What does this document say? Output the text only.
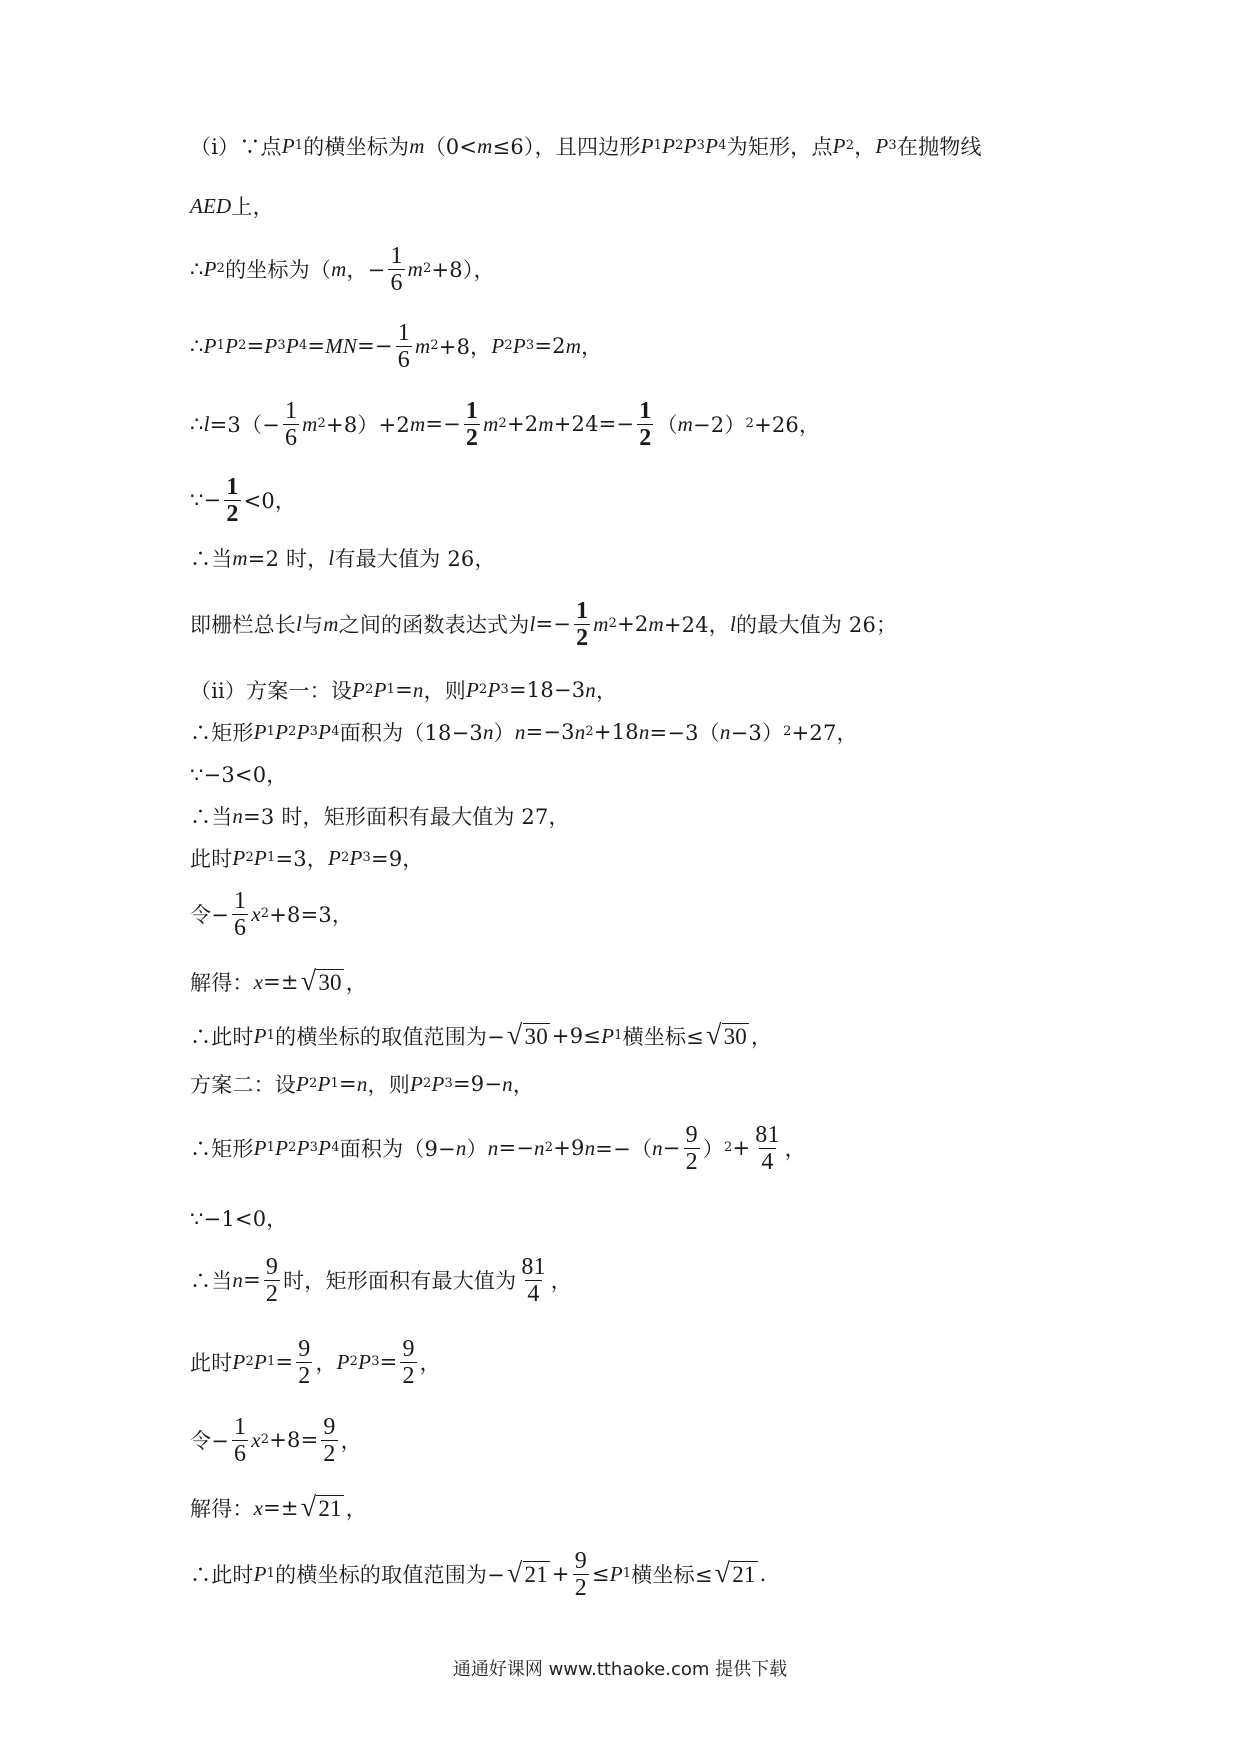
（ⅰ）∵点 P 1 的横坐标为 m （0< m ≤6），且四边形 P 1 P 2 P 3 P 4 为矩形，点 P 2 ， P 3 在抛物线
AED 上，
∴ P 2 的坐标为（ m ，− $\frac{1}{6}$ m 2 +8），
∴ P 1 P 2 = P 3 P 4 = M $N =- \frac{1}{6}$ m 2 +8， P 2 P 3 =2 m ，
∴ $l =3(- \frac{1}{6}$ m 2 +8）+2 $m =- \frac{1}{2}$ m 2 +2 $m +24=- \frac{1}{2}$ （ m −2） 2 +26，
∵− $\frac{1}{2} <0$，
∴当 m =2 时， l 有最大值为 26，
即栅栏总长 l 与 m 之间的函数表达式为 $l =- \frac{1}{2}$ m 2 +2 m +24， l 的最大值为 26；
（ⅱ）方案一：设 P 2 P 1 = n ，则 P 2 P 3 =18−3 n ，
∴矩形 P 1 P 2 P 3 P 4 面积为（18−3 n ） n =−3 n 2 +18 n =−3（ n −3） 2 +27，
∵−3<0，
∴当 n =3 时，矩形面积有最大值为 27，
此时 P 2 P 1 =3， P 2 P 3 =9，
令− $\frac{1}{6}$ x 2 +8=3，
解得： x =± √ 30 ，
∴此时 P 1 的横坐标的取值范围为− √ 30 +9≤ P 1 横坐标≤ √ 30 ，
方案二：设 P 2 P 1 = n ，则 P 2 P 3 =9− n ，
∴矩形 P 1 P 2 P 3 P 4 面积为（9− n ） n =− n 2 +9 n =−（ $n - \frac{9}{2}$ ） $2 + \frac{81}{4}$ ，
∵−1<0，
∴当 $n = \frac{9}{2}$ 时，矩形面积有最大值为 $\frac{81}{4}$ ，
此时 P 2 P $1 = \frac{9}{2}$ ， P 2 P $3 = \frac{9}{2}$ ，
令− $\frac{1}{6}$ x $2 +8= \frac{9}{2}$ ，
解得： x =± √ 21 ，
∴此时 P 1 的横坐标的取值范围为− √ $21 + \frac{9}{2} \le P$ 1 横坐标≤ √ 21 .
通通好课网 www.tthaoke.com 提供下载
